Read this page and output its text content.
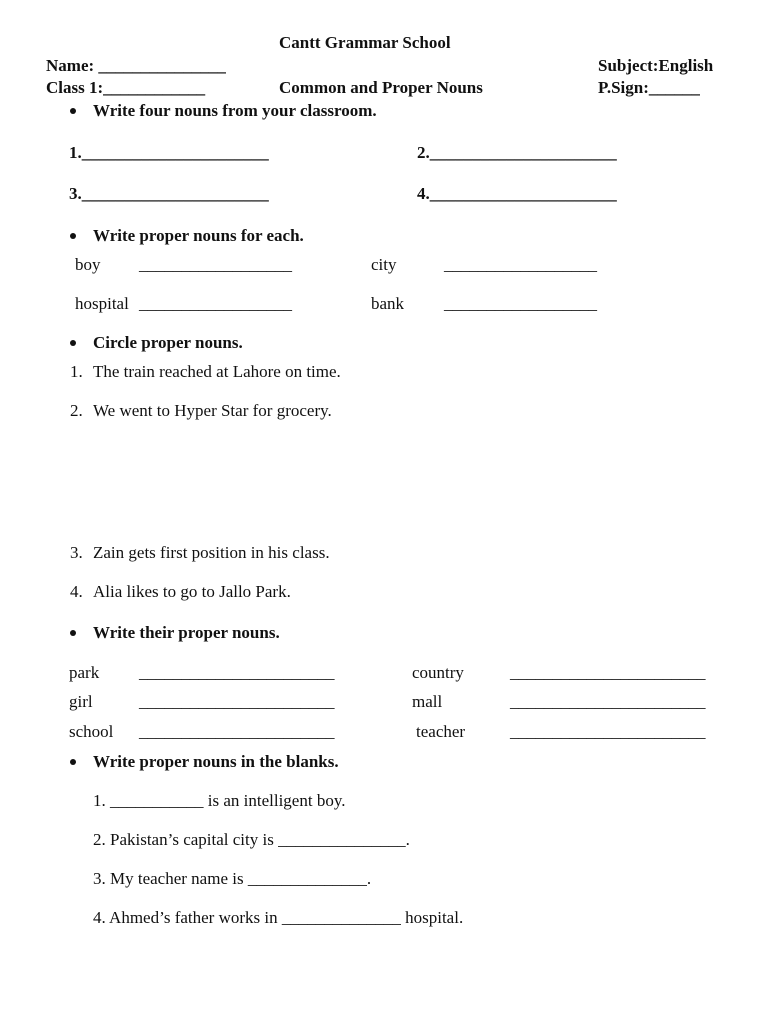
Cantt Grammar School
Name: _______________	Subject:English
Class 1:____________	Common and Proper Nouns	P.Sign:______
Write four nouns from your classroom.
1.______________________	2.______________________
3.______________________	4.______________________
Write proper nouns for each.
boy __________________	city	__________________
hospital __________________	bank __________________
Circle proper nouns.
1. The train reached at Lahore on time.
2. We went to Hyper Star for grocery.
3. Zain gets first position in his class.
4. Alia likes to go to Jallo Park.
Write their proper nouns.
park _______________________	country	_______________________
girl	_______________________	mall	_______________________
school _______________________	teacher	_______________________
Write proper nouns in the blanks.
1. ___________ is an intelligent boy.
2. Pakistan’s capital city is _______________.
3. My teacher name is ______________.
4. Ahmed’s father works in ______________ hospital.
